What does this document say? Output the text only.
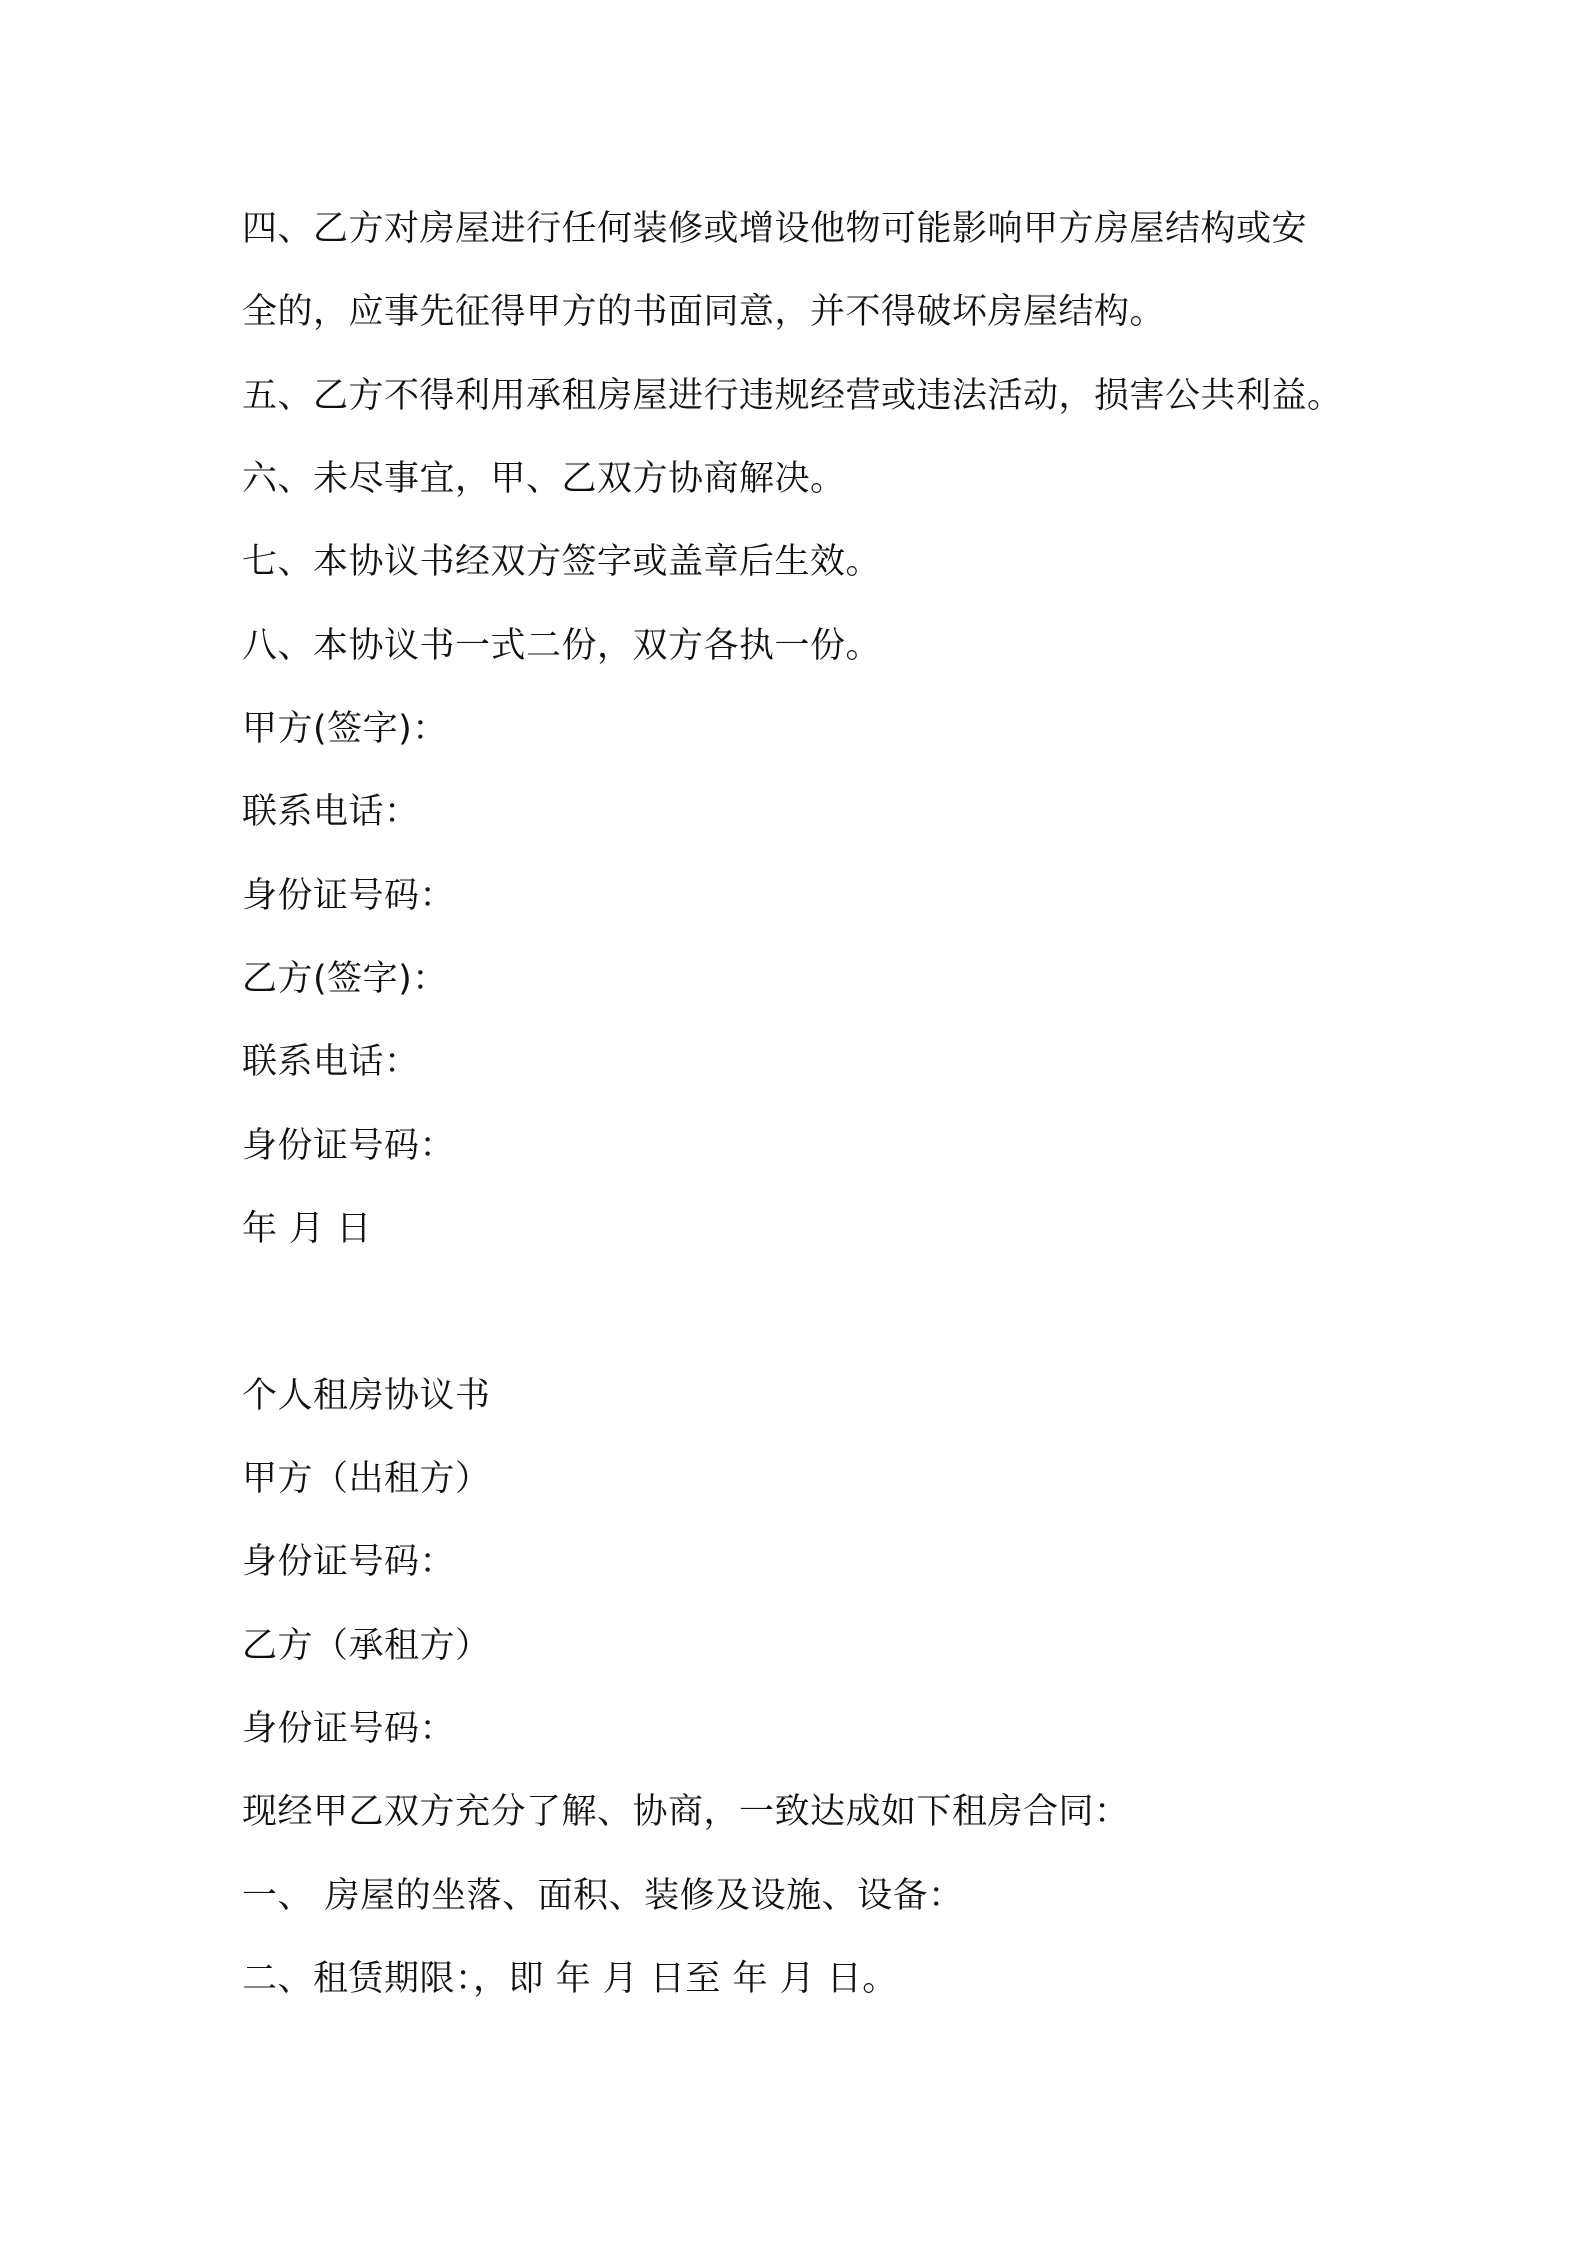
四、乙方对房屋进行任何装修或增设他物可能影响甲方房屋结构或安
全的，应事先征得甲方的书面同意，并不得破坏房屋结构。
五、乙方不得利用承租房屋进行违规经营或违法活动，损害公共利益。
六、未尽事宜，甲、乙双方协商解决。
七、本协议书经双方签字或盖章后生效。
八、本协议书一式二份，双方各执一份。
甲方(签字)：
联系电话：
身份证号码：
乙方(签字)：
联系电话：
身份证号码：
年 月 日
个人租房协议书
甲方（出租方）
身份证号码：
乙方（承租方）
身份证号码：
现经甲乙双方充分了解、协商，一致达成如下租房合同：
一、 房屋的坐落、面积、装修及设施、设备：
二、租赁期限：，即 年 月 日至 年 月 日。
